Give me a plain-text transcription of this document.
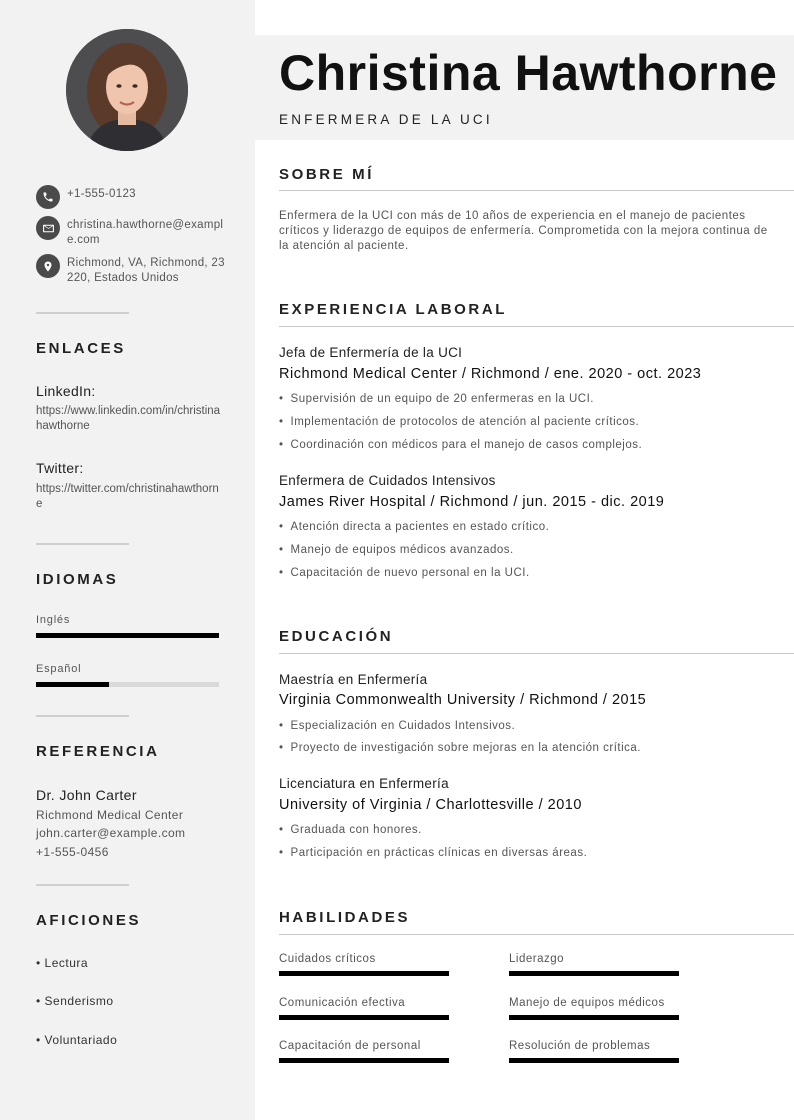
+1-555-0123
christina.hawthorne@example.com
Richmond, VA, Richmond, 23220, Estados Unidos
ENLACES
LinkedIn:
https://www.linkedin.com/in/christinahawthorne
Twitter:
https://twitter.com/christinahawthorne
IDIOMAS
Inglés
Español
REFERENCIA
Dr. John Carter
Richmond Medical Center
john.carter@example.com
+1-555-0456
AFICIONES
• Lectura
• Senderismo
• Voluntariado
Christina Hawthorne
ENFERMERA DE LA UCI
SOBRE MÍ
Enfermera de la UCI con más de 10 años de experiencia en el manejo de pacientes críticos y liderazgo de equipos de enfermería. Comprometida con la mejora continua de la atención al paciente.
EXPERIENCIA LABORAL
Jefa de Enfermería de la UCI
Richmond Medical Center / Richmond / ene. 2020 - oct. 2023
• Supervisión de un equipo de 20 enfermeras en la UCI.
• Implementación de protocolos de atención al paciente críticos.
• Coordinación con médicos para el manejo de casos complejos.
Enfermera de Cuidados Intensivos
James River Hospital / Richmond / jun. 2015 - dic. 2019
• Atención directa a pacientes en estado crítico.
• Manejo de equipos médicos avanzados.
• Capacitación de nuevo personal en la UCI.
EDUCACIÓN
Maestría en Enfermería
Virginia Commonwealth University / Richmond / 2015
• Especialización en Cuidados Intensivos.
• Proyecto de investigación sobre mejoras en la atención crítica.
Licenciatura en Enfermería
University of Virginia / Charlottesville / 2010
• Graduada con honores.
• Participación en prácticas clínicas en diversas áreas.
HABILIDADES
Cuidados críticos	Liderazgo
Comunicación efectiva	Manejo de equipos médicos
Capacitación de personal	Resolución de problemas
